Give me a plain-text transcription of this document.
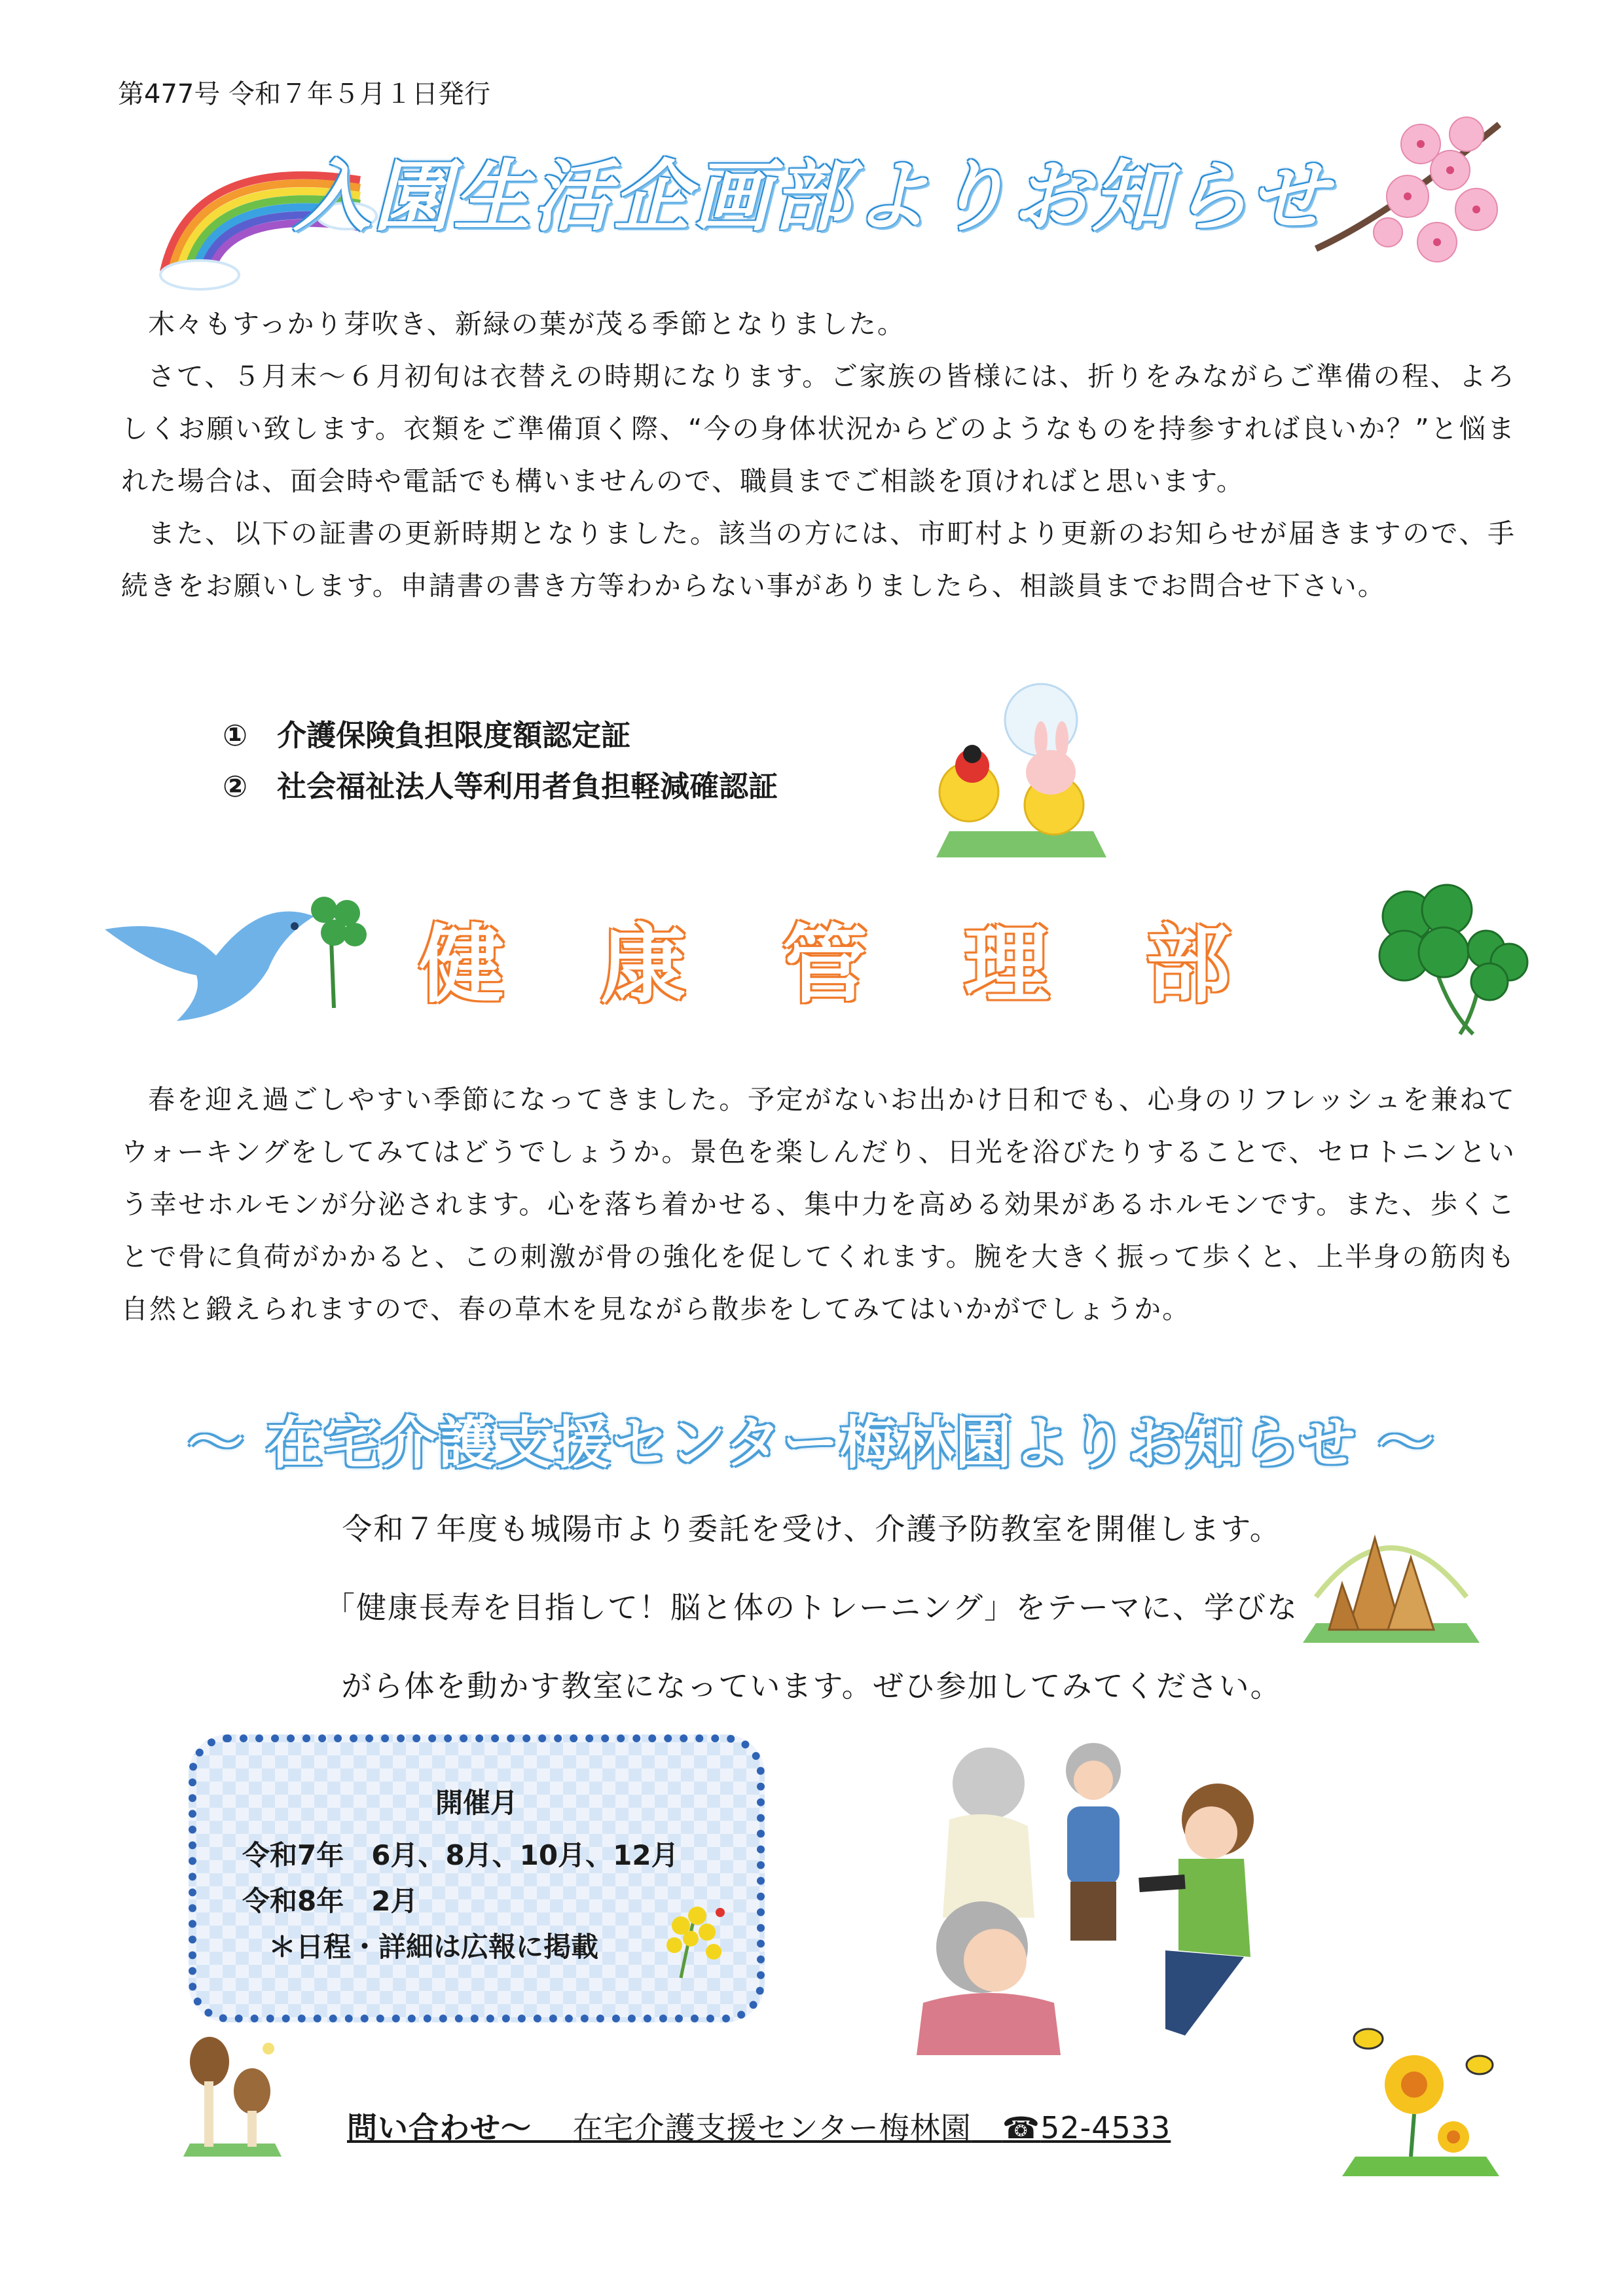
第477号 令和７年５月１日発行
入園生活企画部よりお知らせ

木々もすっかり芽吹き、新緑の葉が茂る季節となりました。

さて、５月末～６月初旬は衣替えの時期になります。ご家族の皆様には、折りをみながらご準備の程、よろしくお願い致します。衣類をご準備頂く際、“今の身体状況からどのようなものを持参すれば良いか？”と悩まれた場合は、面会時や電話でも構いませんので、職員までご相談を頂ければと思います。

また、以下の証書の更新時期となりました。該当の方には、市町村より更新のお知らせが届きますので、手続きをお願いします。申請書の書き方等わからない事がありましたら、相談員までお問合せ下さい。

①　介護保険負担限度額認定証
②　社会福祉法人等利用者負担軽減確認証
健 康 管 理 部

春を迎え過ごしやすい季節になってきました。予定がないお出かけ日和でも、心身のリフレッシュを兼ねてウォーキングをしてみてはどうでしょうか。景色を楽しんだり、日光を浴びたりすることで、セロトニンという幸せホルモンが分泌されます。心を落ち着かせる、集中力を高める効果があるホルモンです。また、歩くことで骨に負荷がかかると、この刺激が骨の強化を促してくれます。腕を大きく振って歩くと、上半身の筋肉も自然と鍛えられますので、春の草木を見ながら散歩をしてみてはいかがでしょうか。

～ 在宅介護支援センター梅林園よりお知らせ ～
令和７年度も城陽市より委託を受け、介護予防教室を開催します。
「健康長寿を目指して！脳と体のトレーニング」をテーマに、学びな
がら体を動かす教室になっています。ぜひ参加してみてください。
開催月
令和7年　6月、8月、10月、12月
令和8年　2月
＊日程・詳細は広報に掲載
問い合わせ～　 在宅介護支援センター梅林園　 ☎52-4533
